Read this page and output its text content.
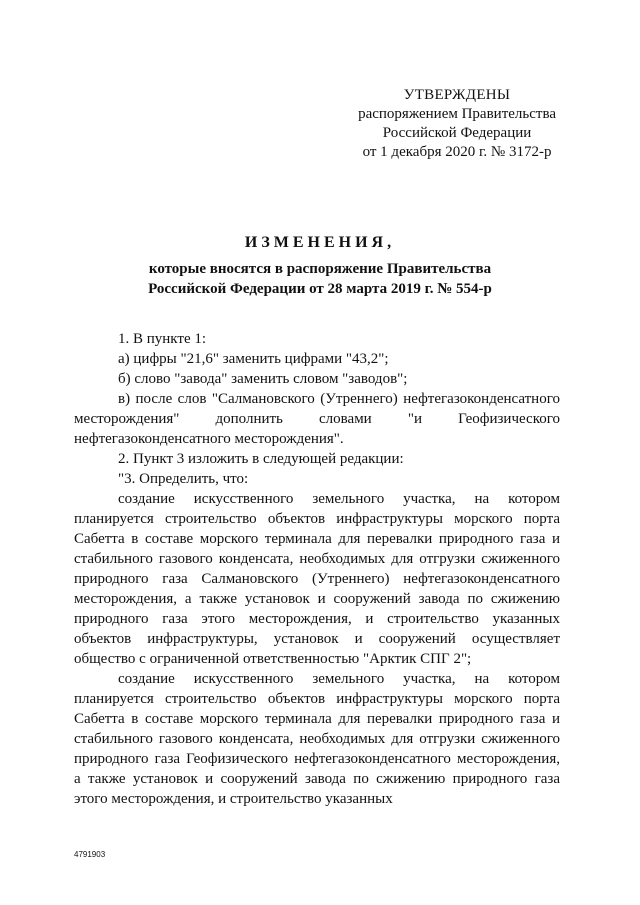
УТВЕРЖДЕНЫ
распоряжением Правительства
Российской Федерации
от 1 декабря 2020 г. № 3172-р
ИЗМЕНЕНИЯ,
которые вносятся в распоряжение Правительства
Российской Федерации от 28 марта 2019 г. № 554-р

1. В пункте 1:

а) цифры "21,6" заменить цифрами "43,2";

б) слово "завода" заменить словом "заводов";

в) после слов "Салмановского (Утреннего) нефтегазоконденсатного месторождения" дополнить словами "и Геофизического нефтегазоконденсатного месторождения".

2. Пункт 3 изложить в следующей редакции:

"3. Определить, что:

создание искусственного земельного участка, на котором планируется строительство объектов инфраструктуры морского порта Сабетта в составе морского терминала для перевалки природного газа и стабильного газового конденсата, необходимых для отгрузки сжиженного природного газа Салмановского (Утреннего) нефтегазоконденсатного месторождения, а также установок и сооружений завода по сжижению природного газа этого месторождения, и строительство указанных объектов инфраструктуры, установок и сооружений осуществляет общество с ограниченной ответственностью "Арктик СПГ 2";

создание искусственного земельного участка, на котором планируется строительство объектов инфраструктуры морского порта Сабетта в составе морского терминала для перевалки природного газа и стабильного газового конденсата, необходимых для отгрузки сжиженного природного газа Геофизического нефтегазоконденсатного месторождения, а также установок и сооружений завода по сжижению природного газа этого месторождения, и строительство указанных

4791903
